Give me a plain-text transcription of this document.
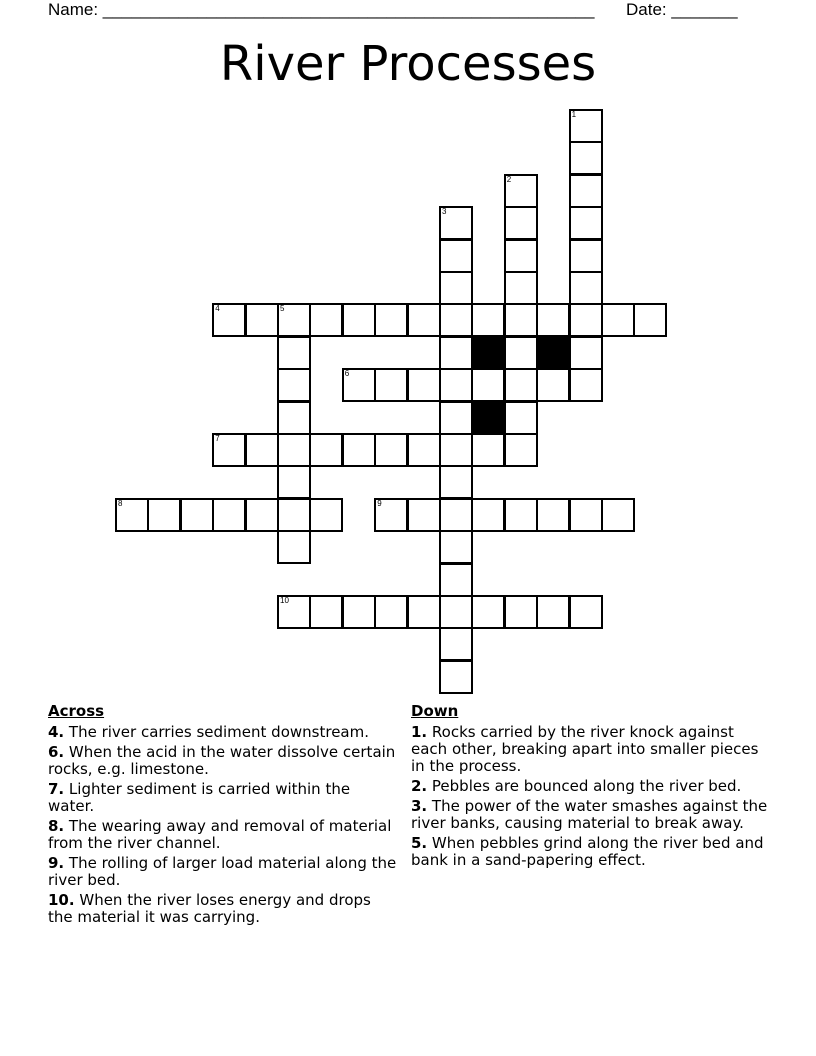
Name: ____________________________________________________ Date: _______
River Processes
1
2
3
4	5
6
7
8	9
10
Across
4. The river carries sediment downstream.
6. When the acid in the water dissolve certain rocks, e.g. limestone.
7. Lighter sediment is carried within the water.
8. The wearing away and removal of material from the river channel.
9. The rolling of larger load material along the river bed.
10. When the river loses energy and drops the material it was carrying.
Down
1. Rocks carried by the river knock against each other, breaking apart into smaller pieces in the process.
2. Pebbles are bounced along the river bed.
3. The power of the water smashes against the river banks, causing material to break away.
5. When pebbles grind along the river bed and bank in a sand-papering effect.
